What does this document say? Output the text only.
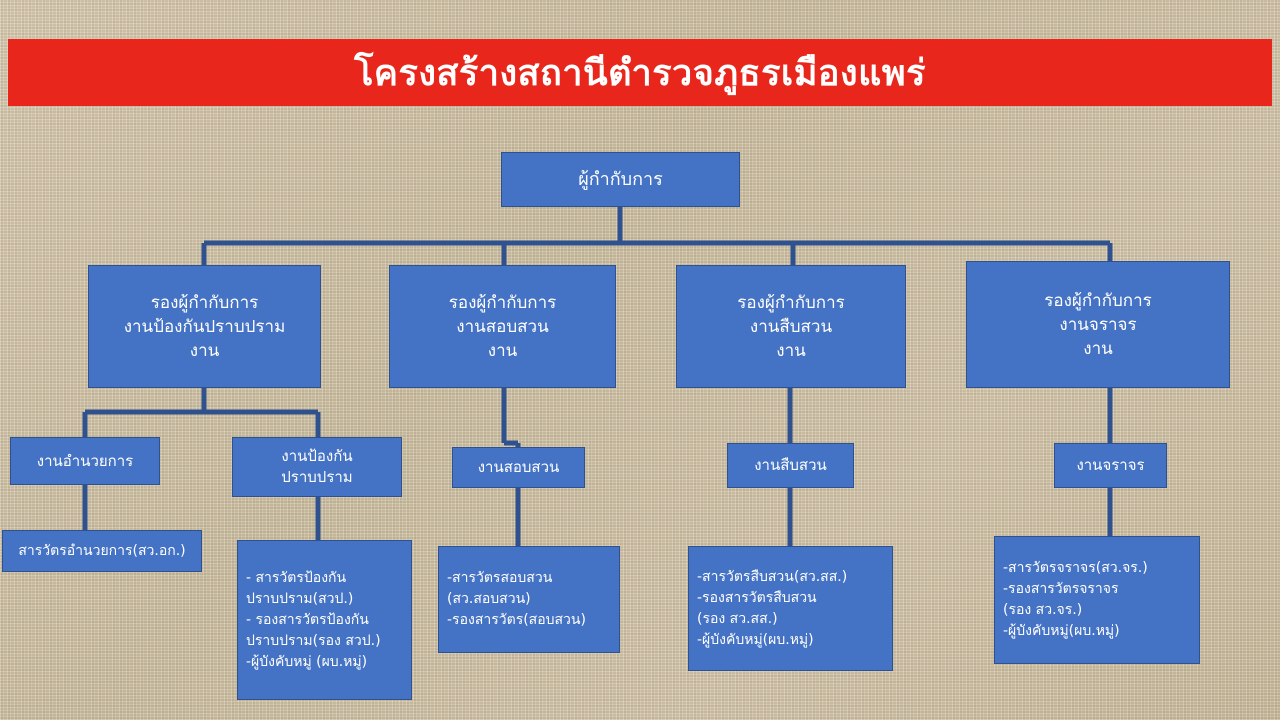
โครงสร้างสถานีตำรวจภูธรเมืองแพร่
ผู้กำกับการ
รองผู้กำกับการ
งานป้องกันปราบปราม
งาน
รองผู้กำกับการ
งานสอบสวน
งาน
รองผู้กำกับการ
งานสืบสวน
งาน
รองผู้กำกับการ
งานจราจร
งาน
งานอำนวยการ	งานป้องกัน
ปราบปราม
งานสอบสวน	งานสืบสวน	งานจราจร
สารวัตรอำนวยการ(สว.อก.)
- สารวัตรป้องกัน
ปราบปราม(สวป.)
- รองสารวัตรป้องกัน
ปราบปราม(รอง สวป.)
-ผู้บังคับหมู่ (ผบ.หมู่)
-สารวัตรสอบสวน
(สว.สอบสวน)
-รองสารวัตร(สอบสวน)
-สารวัตรสืบสวน(สว.สส.)
-รองสารวัตรสืบสวน
(รอง สว.สส.)
-ผู้บังคับหมู่(ผบ.หมู่)
-สารวัตรจราจร(สว.จร.)
-รองสารวัตรจราจร
(รอง สว.จร.)
-ผู้บังคับหมู่(ผบ.หมู่)
